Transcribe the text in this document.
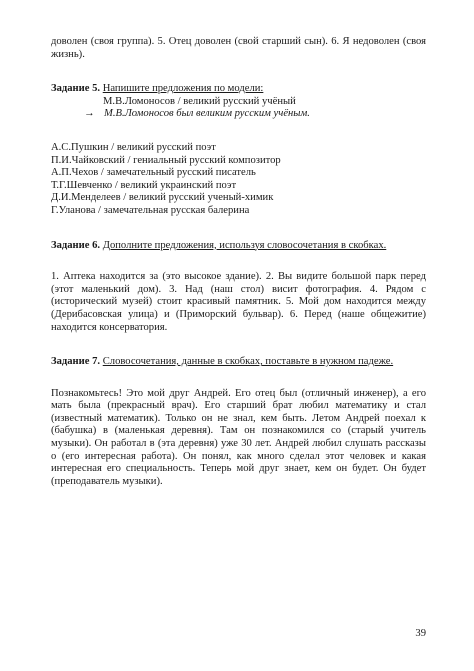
доволен (своя группа). 5. Отец доволен (свой старший сын). 6. Я недоволен (своя жизнь).

Задание 5. Напишите предложения по модели:

М.В.Ломоносов / великий русский учёный

→ М.В.Ломоносов был великим русским учёным.

А.С.Пушкин / великий русский поэт

П.И.Чайковский / гениальный русский композитор

А.П.Чехов / замечательный русский писатель

Т.Г.Шевченко / великий украинский поэт

Д.И.Менделеев / великий русский ученый-химик

Г.Уланова / замечательная русская балерина

Задание 6. Дополните предложения, используя словосочетания в скобках.

1. Аптека находится за (это высокое здание). 2. Вы видите большой парк перед (этот маленький дом). 3. Над (наш стол) висит фотография. 4. Рядом с (исторический музей) стоит красивый памятник. 5. Мой дом находится между (Дерибасовская улица) и (Приморский бульвар). 6. Перед (наше общежитие) находится консерватория.

Задание 7. Словосочетания, данные в скобках, поставьте в нужном падеже.

Познакомьтесь! Это мой друг Андрей. Его отец был (отличный инженер), а его мать была (прекрасный врач). Его старший брат любил математику и стал (известный математик). Только он не знал, кем быть. Летом Андрей поехал к (бабушка) в (маленькая деревня). Там он познакомился со (старый учитель музыки). Он работал в (эта деревня) уже 30 лет. Андрей любил слушать рассказы о (его интересная работа). Он понял, как много сделал этот человек и какая интересная его специальность. Теперь мой друг знает, кем он будет. Он будет (преподаватель музыки).

39
